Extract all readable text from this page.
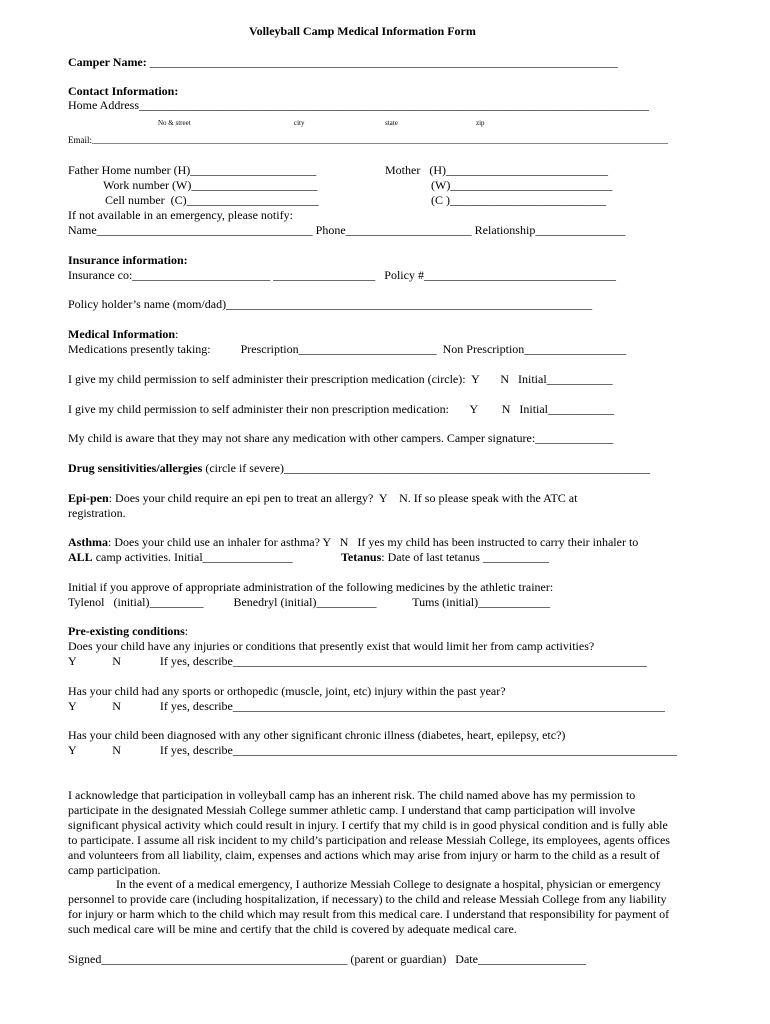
Volleyball Camp Medical Information Form
Camper Name: ______________________________________________________________________________
Contact Information:
Home Address_____________________________________________________________________________________
No & street	city	state	zip
Email:________________________________________________________________________________________________________________________________
Father Home number (H)_____________________
Work number (W)_____________________
Cell number  (C)______________________
Mother   (H)___________________________
(W)___________________________
(C )__________________________
If not available in an emergency, please notify:
Name____________________________________ Phone_____________________ Relationship_______________
Insurance information:
Insurance co:_______________________ _________________   Policy #________________________________
Policy holder’s name (mom/dad)_____________________________________________________________
Medical Information:
Medications presently taking:          Prescription_______________________  Non Prescription_________________
I give my child permission to self administer their prescription medication (circle):  Y       N   Initial___________
I give my child permission to self administer their non prescription medication:       Y        N   Initial___________
My child is aware that they may not share any medication with other campers. Camper signature:_____________
Drug sensitivities/allergies (circle if severe)_____________________________________________________________
Epi-pen: Does your child require an epi pen to treat an allergy?  Y    N. If so please speak with the ATC at
registration.
Asthma: Does your child use an inhaler for asthma? Y   N   If yes my child has been instructed to carry their inhaler to
ALL camp activities. Initial_______________	Tetanus: Date of last tetanus ___________
Initial if you approve of appropriate administration of the following medicines by the athletic trainer:
Tylenol   (initial)_________          Benedryl (initial)__________            Tums (initial)____________
Pre-existing conditions:
Does your child have any injuries or conditions that presently exist that would limit her from camp activities?
Y            N             If yes, describe_____________________________________________________________________
Has your child had any sports or orthopedic (muscle, joint, etc) injury within the past year?
Y            N             If yes, describe________________________________________________________________________
Has your child been diagnosed with any other significant chronic illness (diabetes, heart, epilepsy, etc?)
Y            N             If yes, describe__________________________________________________________________________
I acknowledge that participation in volleyball camp has an inherent risk. The child named above has my permission to participate in the designated Messiah College summer athletic camp. I understand that camp participation will involve significant physical activity which could result in injury. I certify that my child is in good physical condition and is fully able to participate. I assume all risk incident to my child’s participation and release Messiah College, its employees, agents offices and volunteers from all liability, claim, expenses and actions which may arise from injury or harm to the child as a result of camp participation.
In the event of a medical emergency, I authorize Messiah College to designate a hospital, physician or emergency personnel to provide care (including hospitalization, if necessary) to the child and release Messiah College from any liability for injury or harm which to the child which may result from this medical care. I understand that responsibility for payment of such medical care will be mine and certify that the child is covered by adequate medical care.
Signed_________________________________________ (parent or guardian)   Date__________________
